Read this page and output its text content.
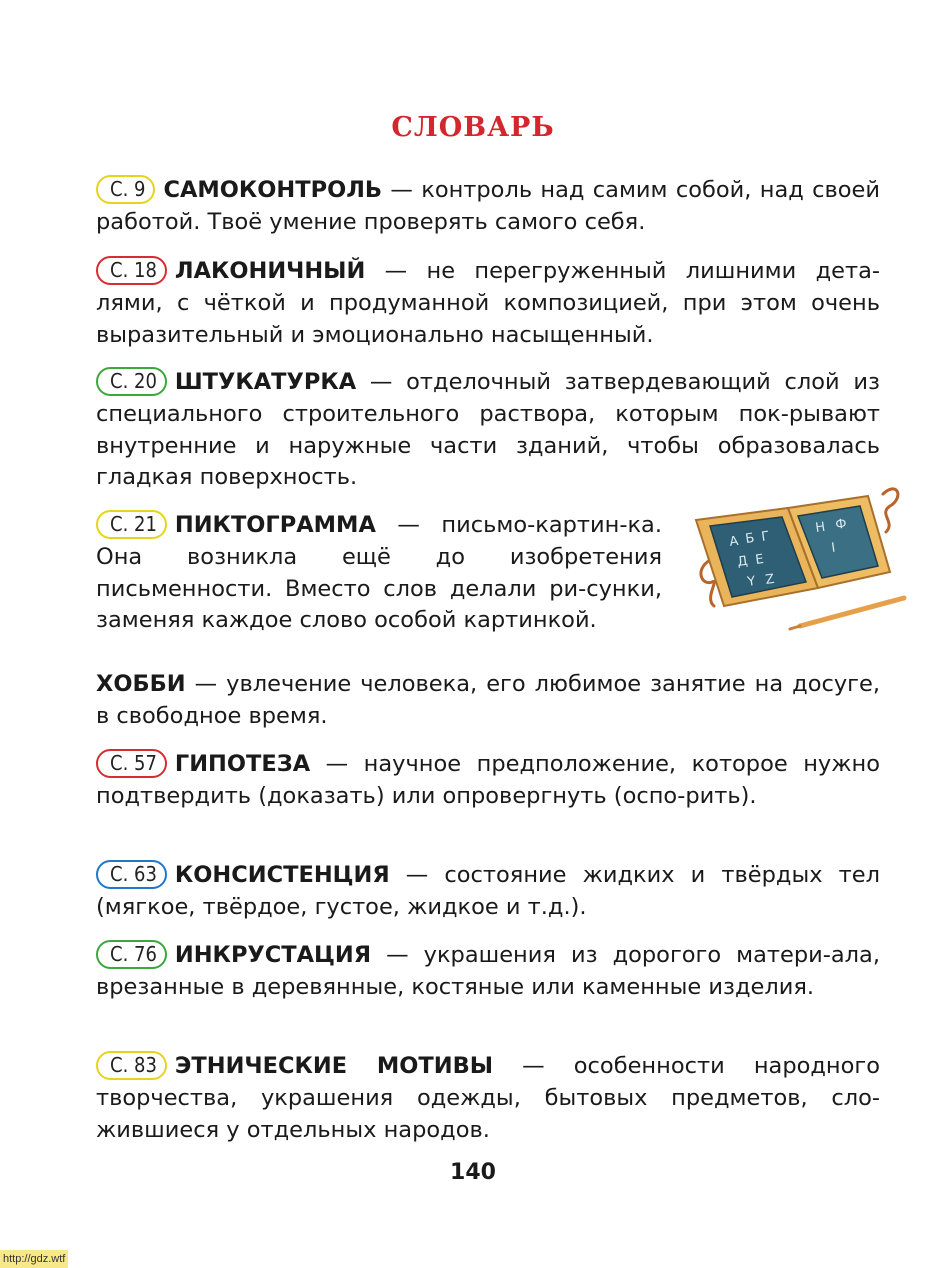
СЛОВАРЬ

С. 9 САМОКОНТРОЛЬ — контроль над самим собой, над своей работой. Твоё умение проверять самого себя.

С. 18 ЛАКОНИЧНЫЙ — не перегруженный лишними дета-лями, с чёткой и продуманной композицией, при этом очень выразительный и эмоционально насыщенный.

С. 20 ШТУКАТУРКА — отделочный затвердевающий слой из специального строительного раствора, которым пок-рывают внутренние и наружные части зданий, чтобы образовалась гладкая поверхность.

С. 21 ПИКТОГРАММА — письмо-картин-ка. Она возникла ещё до изобретения письменности. Вместо слов делали ри-сунки, заменяя каждое слово особой картинкой.

ХОББИ — увлечение человека, его любимое занятие на досуге, в свободное время.

С. 57 ГИПОТЕЗА — научное предположение, которое нужно подтвердить (доказать) или опровергнуть (оспо-рить).

С. 63 КОНСИСТЕНЦИЯ — состояние жидких и твёрдых тел (мягкое, твёрдое, густое, жидкое и т.д.).

С. 76 ИНКРУСТАЦИЯ — украшения из дорогого матери-ала, врезанные в деревянные, костяные или каменные изделия.

С. 83 ЭТНИЧЕСКИЕ МОТИВЫ — особенности народного творчества, украшения одежды, бытовых предметов, сло-жившиеся у отдельных народов.

А Б Г
Д Е
Y Z
Н Ф
I
140
http://gdz.wtf
